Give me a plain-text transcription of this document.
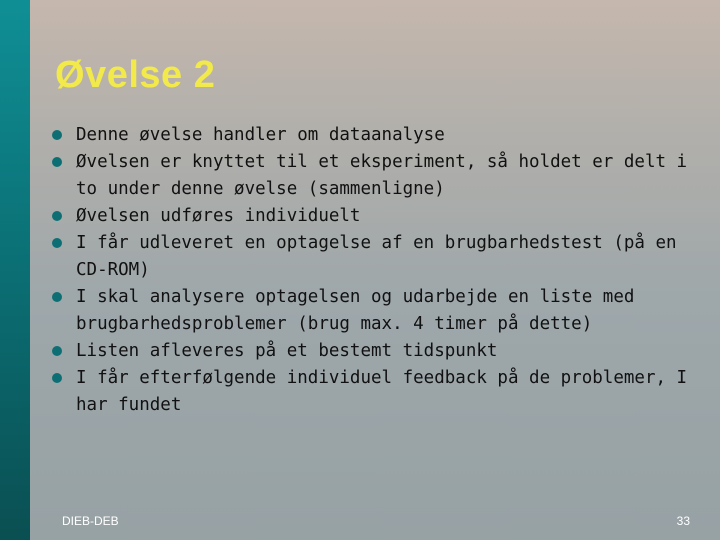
Øvelse 2
Denne øvelse handler om dataanalyse
Øvelsen er knyttet til et eksperiment, så holdet er delt i to under denne øvelse (sammenligne)
Øvelsen udføres individuelt
I får udleveret en optagelse af en brugbarhedstest (på en CD-ROM)
I skal analysere optagelsen og udarbejde en liste med brugbarhedsproblemer (brug max. 4 timer på dette)
Listen afleveres på et bestemt tidspunkt
I får efterfølgende individuel feedback på de problemer, I har fundet
DIEB-DEB	33
